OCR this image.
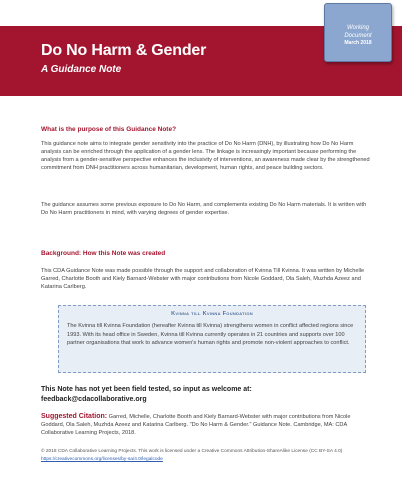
Do No Harm & Gender
A Guidance Note
Working
Document
March 2018
What is the purpose of this Guidance Note?
This guidance note aims to integrate gender sensitivity into the practice of Do No Harm (DNH), by illustrating how Do No Harm analysis can be enriched through the application of a gender lens. The linkage is increasingly important because performing the analysis from a gender-sensitive perspective enhances the inclusivity of interventions, an awareness made clear by the strengthened commitment from DNH practitioners across humanitarian, development, human rights, and peace building sectors.
The guidance assumes some previous exposure to Do No Harm, and complements existing Do No Harm materials. It is written with Do No Harm practitioners in mind, with varying degrees of gender expertise.
Background: How this Note was created
This CDA Guidance Note was made possible through the support and collaboration of Kvinna Till Kvinna. It was written by Michelle Garred, Charlotte Booth and Kiely Barnard-Webster with major contributions from Nicole Goddard, Ola Saleh, Muzhda Azeez and Katarina Carlberg.
Kvinna till Kvinna Foundation
The Kvinna till Kvinna Foundation (hereafter Kvinna till Kvinna) strengthens women in conflict affected regions since 1993. With its head office in Sweden, Kvinna till Kvinna currently operates in 21 countries and supports over 100 partner organisations that work to advance women's human rights and promote non-violent approaches to conflict.
This Note has not yet been field tested, so input as welcome at:
feedback@cdacollaborative.org
Suggested Citation: Garred, Michelle, Charlotte Booth and Kiely Barnard-Webster with major contributions from Nicole Goddard, Ola Saleh, Muzhda Azeez and Katarina Carlberg. "Do No Harm & Gender." Guidance Note. Cambridge, MA: CDA Collaborative Learning Projects, 2018.
© 2018 CDA Collaborative Learning Projects. This work is licensed under a Creative Commons Attribution-ShareAlike License (CC BY-SA 4.0) https://creativecommons.org/licenses/by-sa/4.0/legalcode
